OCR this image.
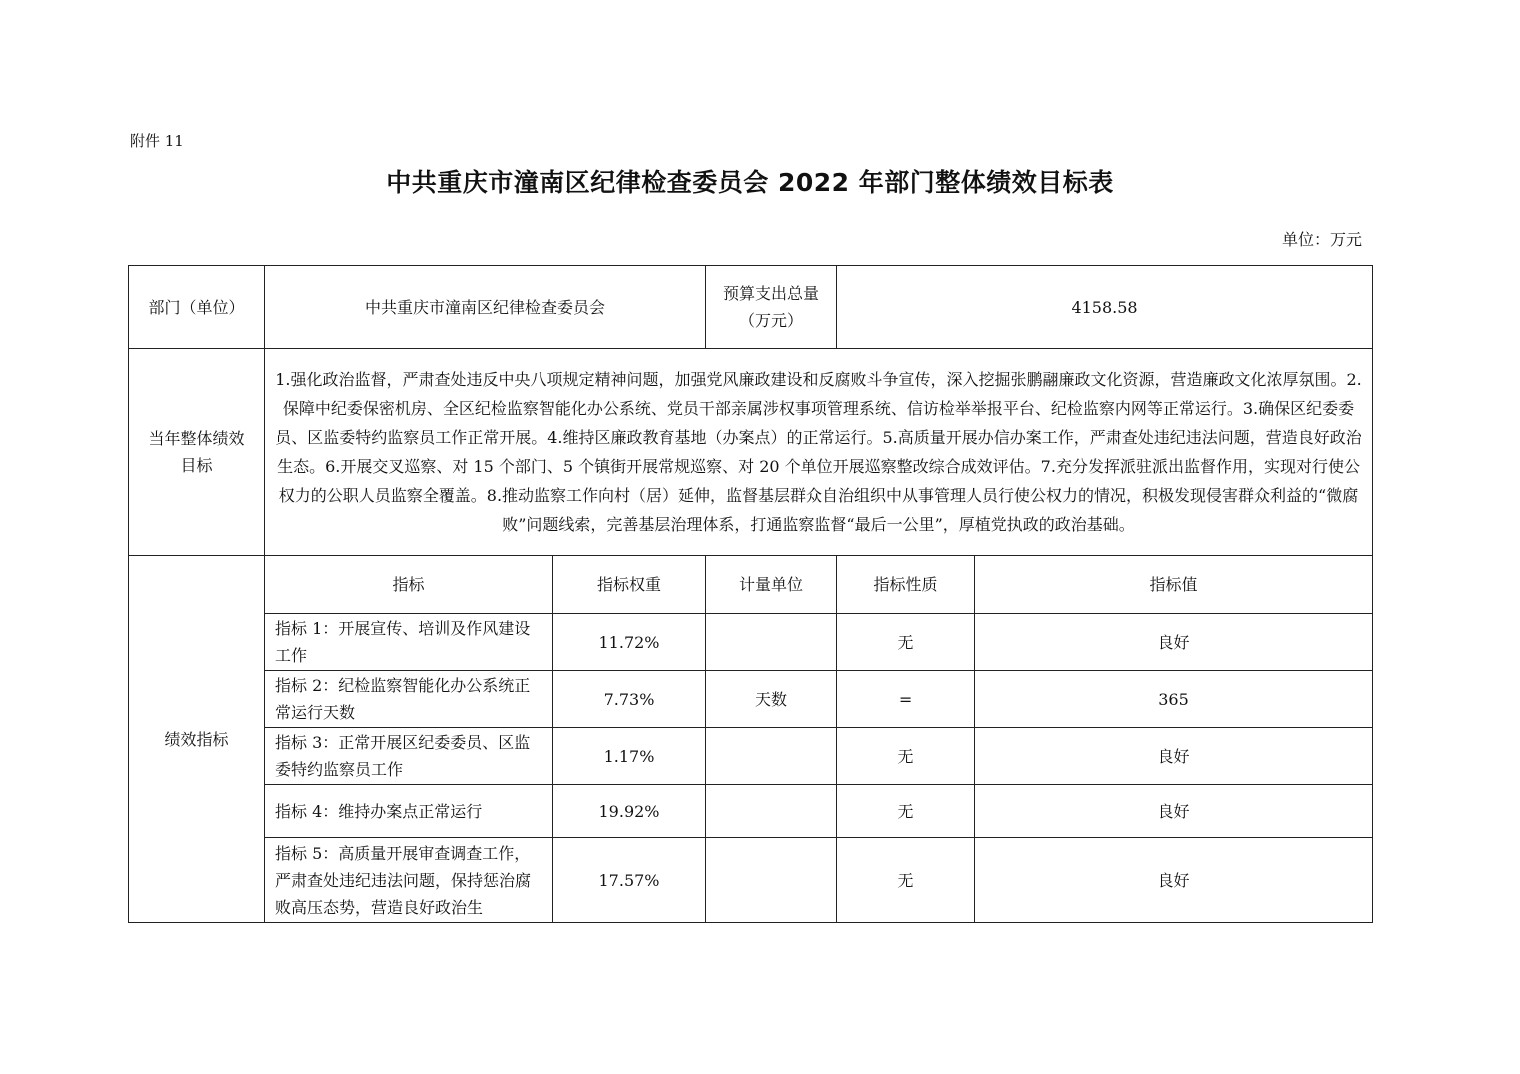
附件 11
中共重庆市潼南区纪律检查委员会 2022 年部门整体绩效目标表
单位：万元
部门（单位）	中共重庆市潼南区纪律检查委员会		预算支出总量（万元）	4158.58	
当年整体绩效目标	1.强化政治监督，严肃查处违反中央八项规定精神问题，加强党风廉政建设和反腐败斗争宣传，深入挖掘张鹏翮廉政文化资源，营造廉政文化浓厚氛围。2.保障中纪委保密机房、全区纪检监察智能化办公系统、党员干部亲属涉权事项管理系统、信访检举举报平台、纪检监察内网等正常运行。3.确保区纪委委员、区监委特约监察员工作正常开展。4.维持区廉政教育基地（办案点）的正常运行。5.高质量开展办信办案工作，严肃查处违纪违法问题，营造良好政治生态。6.开展交叉巡察、对 15 个部门、5 个镇街开展常规巡察、对 20 个单位开展巡察整改综合成效评估。7.充分发挥派驻派出监督作用，实现对行使公权力的公职人员监察全覆盖。8.推动监察工作向村（居）延伸，监督基层群众自治组织中从事管理人员行使公权力的情况，积极发现侵害群众利益的“微腐败”问题线索，完善基层治理体系，打通监察监督“最后一公里”，厚植党执政的政治基础。				
绩效指标	指标	指标权重	计量单位	指标性质	指标值
	指标 1：开展宣传、培训及作风建设工作	11.72%		无	良好
	指标 2：纪检监察智能化办公系统正常运行天数	7.73%	天数	=	365
	指标 3：正常开展区纪委委员、区监委特约监察员工作	1.17%		无	良好
	指标 4：维持办案点正常运行	19.92%		无	良好
	指标 5：高质量开展审查调查工作，严肃查处违纪违法问题，保持惩治腐败高压态势，营造良好政治生	17.57%		无	良好
